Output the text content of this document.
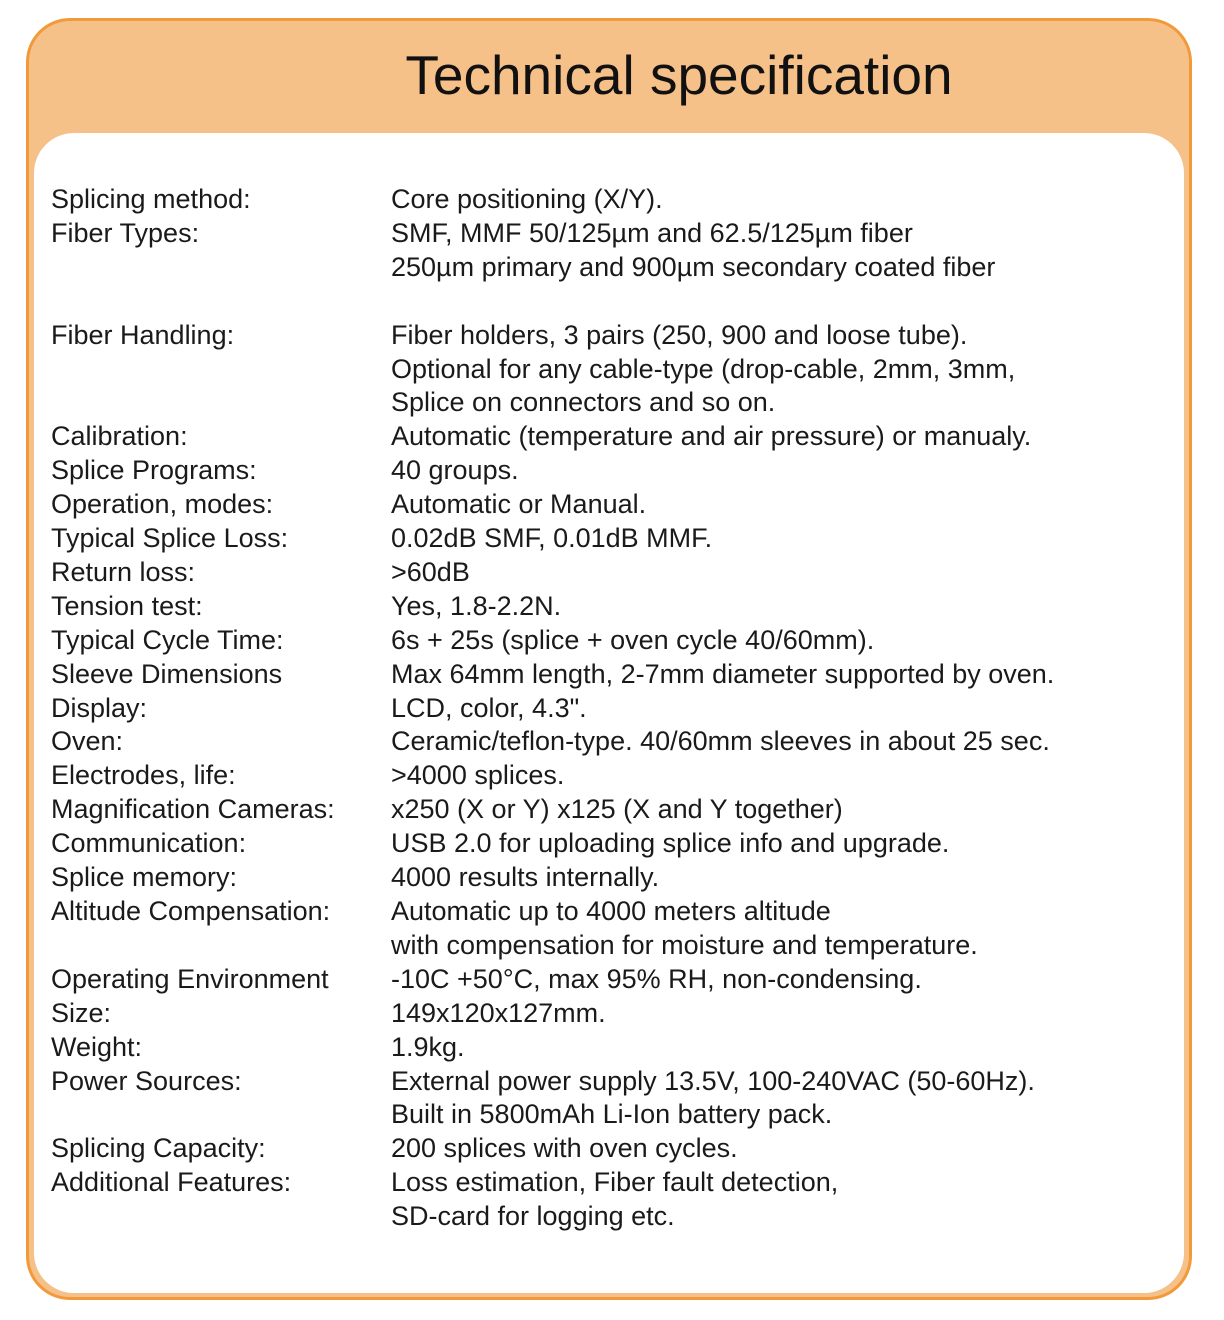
Technical specification
Splicing method:	Core positioning (X/Y).
Fiber Types:	SMF, MMF 50/125µm and 62.5/125µm fiber
250µm primary and 900µm secondary coated fiber
Fiber Handling:	Fiber holders, 3 pairs (250, 900 and loose tube).
Optional for any cable-type (drop-cable, 2mm, 3mm,
Splice on connectors and so on.
Calibration:	Automatic (temperature and air pressure) or manualy.
Splice Programs:	40 groups.
Operation, modes:	Automatic or Manual.
Typical Splice Loss:	0.02dB SMF, 0.01dB MMF.
Return loss:	>60dB
Tension test:	Yes, 1.8-2.2N.
Typical Cycle Time:	6s + 25s (splice + oven cycle 40/60mm).
Sleeve Dimensions	Max 64mm length, 2-7mm diameter supported by oven.
Display:	LCD, color, 4.3".
Oven:	Ceramic/teflon-type. 40/60mm sleeves in about 25 sec.
Electrodes, life:	>4000 splices.
Magnification Cameras:	x250 (X or Y) x125 (X and Y together)
Communication:	USB 2.0 for uploading splice info and upgrade.
Splice memory:	4000 results internally.
Altitude Compensation:	Automatic up to 4000 meters altitude
with compensation for moisture and temperature.
Operating Environment	-10C +50°C, max 95% RH, non-condensing.
Size:	149x120x127mm.
Weight:	1.9kg.
Power Sources:	External power supply 13.5V, 100-240VAC (50-60Hz).
Built in 5800mAh Li-Ion battery pack.
Splicing Capacity:	200 splices with oven cycles.
Additional Features:	Loss estimation, Fiber fault detection,
SD-card for logging etc.
